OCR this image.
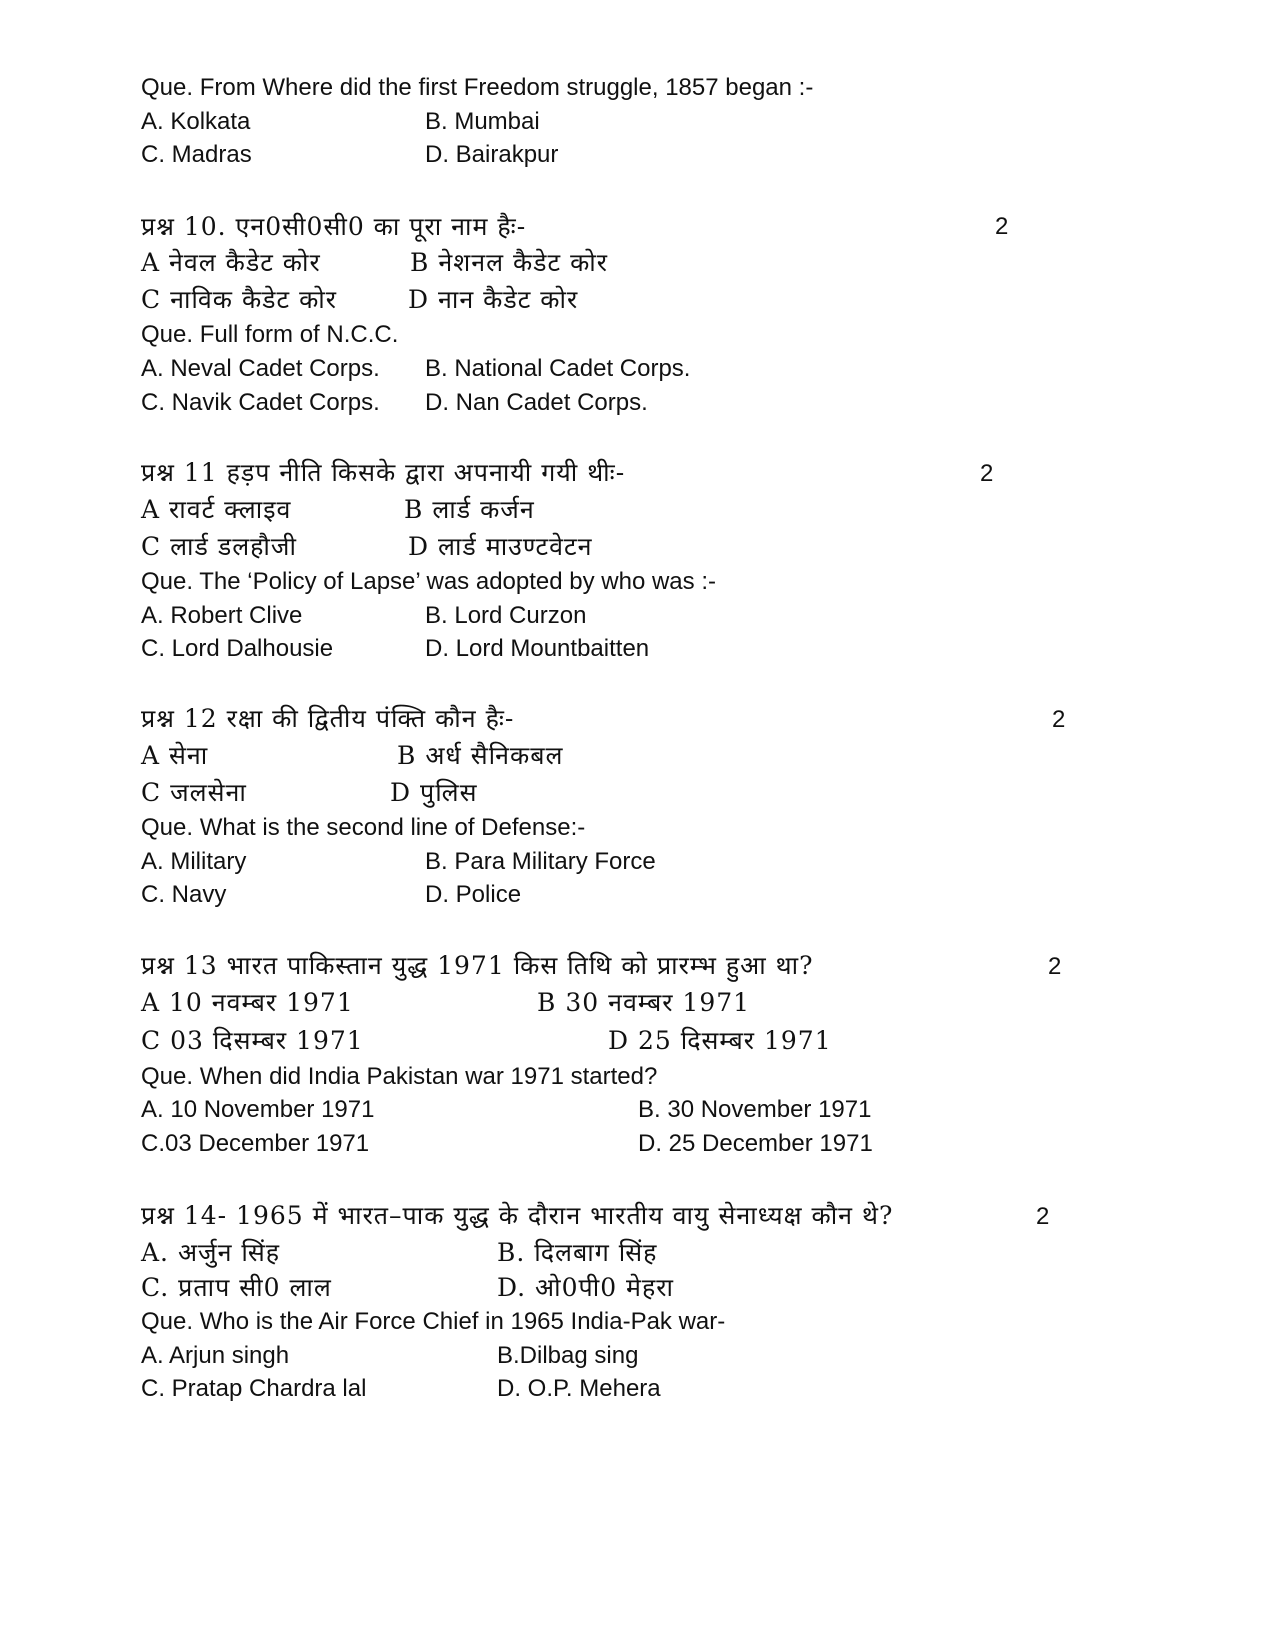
Que. From Where did the first Freedom struggle, 1857 began :-
A. Kolkata	B. Mumbai
C. Madras	D. Bairakpur
प्रश्न 10. एन0सी0सी0 का पूरा नाम हैः-	2
A नेवल कैडेट कोर	B नेशनल कैडेट कोर
C नाविक कैडेट कोर	D नान कैडेट कोर
Que. Full form of N.C.C.
A. Neval Cadet Corps. B. National Cadet Corps.
C. Navik Cadet Corps. D. Nan Cadet Corps.
प्रश्न 11 हड़प नीति किसके द्वारा अपनायी गयी थीः-	2
A रावर्ट क्लाइव	B लार्ड कर्जन
C लार्ड डलहौजी	D लार्ड माउण्टवेटन
Que. The ‘Policy of Lapse’ was adopted by who was :-
A. Robert Clive	B. Lord Curzon
C. Lord Dalhousie	D. Lord Mountbaitten
प्रश्न 12 रक्षा की द्वितीय पंक्ति कौन हैः-	2
A सेना	B अर्ध सैनिकबल
C जलसेना	D पुलिस
Que. What is the second line of Defense:-
A. Military	B. Para Military Force
C. Navy	D. Police
प्रश्न 13 भारत पाकिस्तान युद्ध 1971 किस तिथि को प्रारम्भ हुआ था?	2
A 10 नवम्बर 1971	B 30 नवम्बर 1971
C 03 दिसम्बर 1971	D 25 दिसम्बर 1971
Que. When did India Pakistan war 1971 started?
A. 10 November 1971	B. 30 November 1971
C.03 December 1971	D. 25 December 1971
प्रश्न 14- 1965 में भारत–पाक युद्ध के दौरान भारतीय वायु सेनाध्यक्ष कौन थे?	2
A. अर्जुन सिंह	B. दिलबाग सिंह
C. प्रताप सी0 लाल	D. ओ0पी0 मेहरा
Que. Who is the Air Force Chief in 1965 India-Pak war-
A. Arjun singh	B.Dilbag sing
C. Pratap Chardra lal	D. O.P. Mehera
